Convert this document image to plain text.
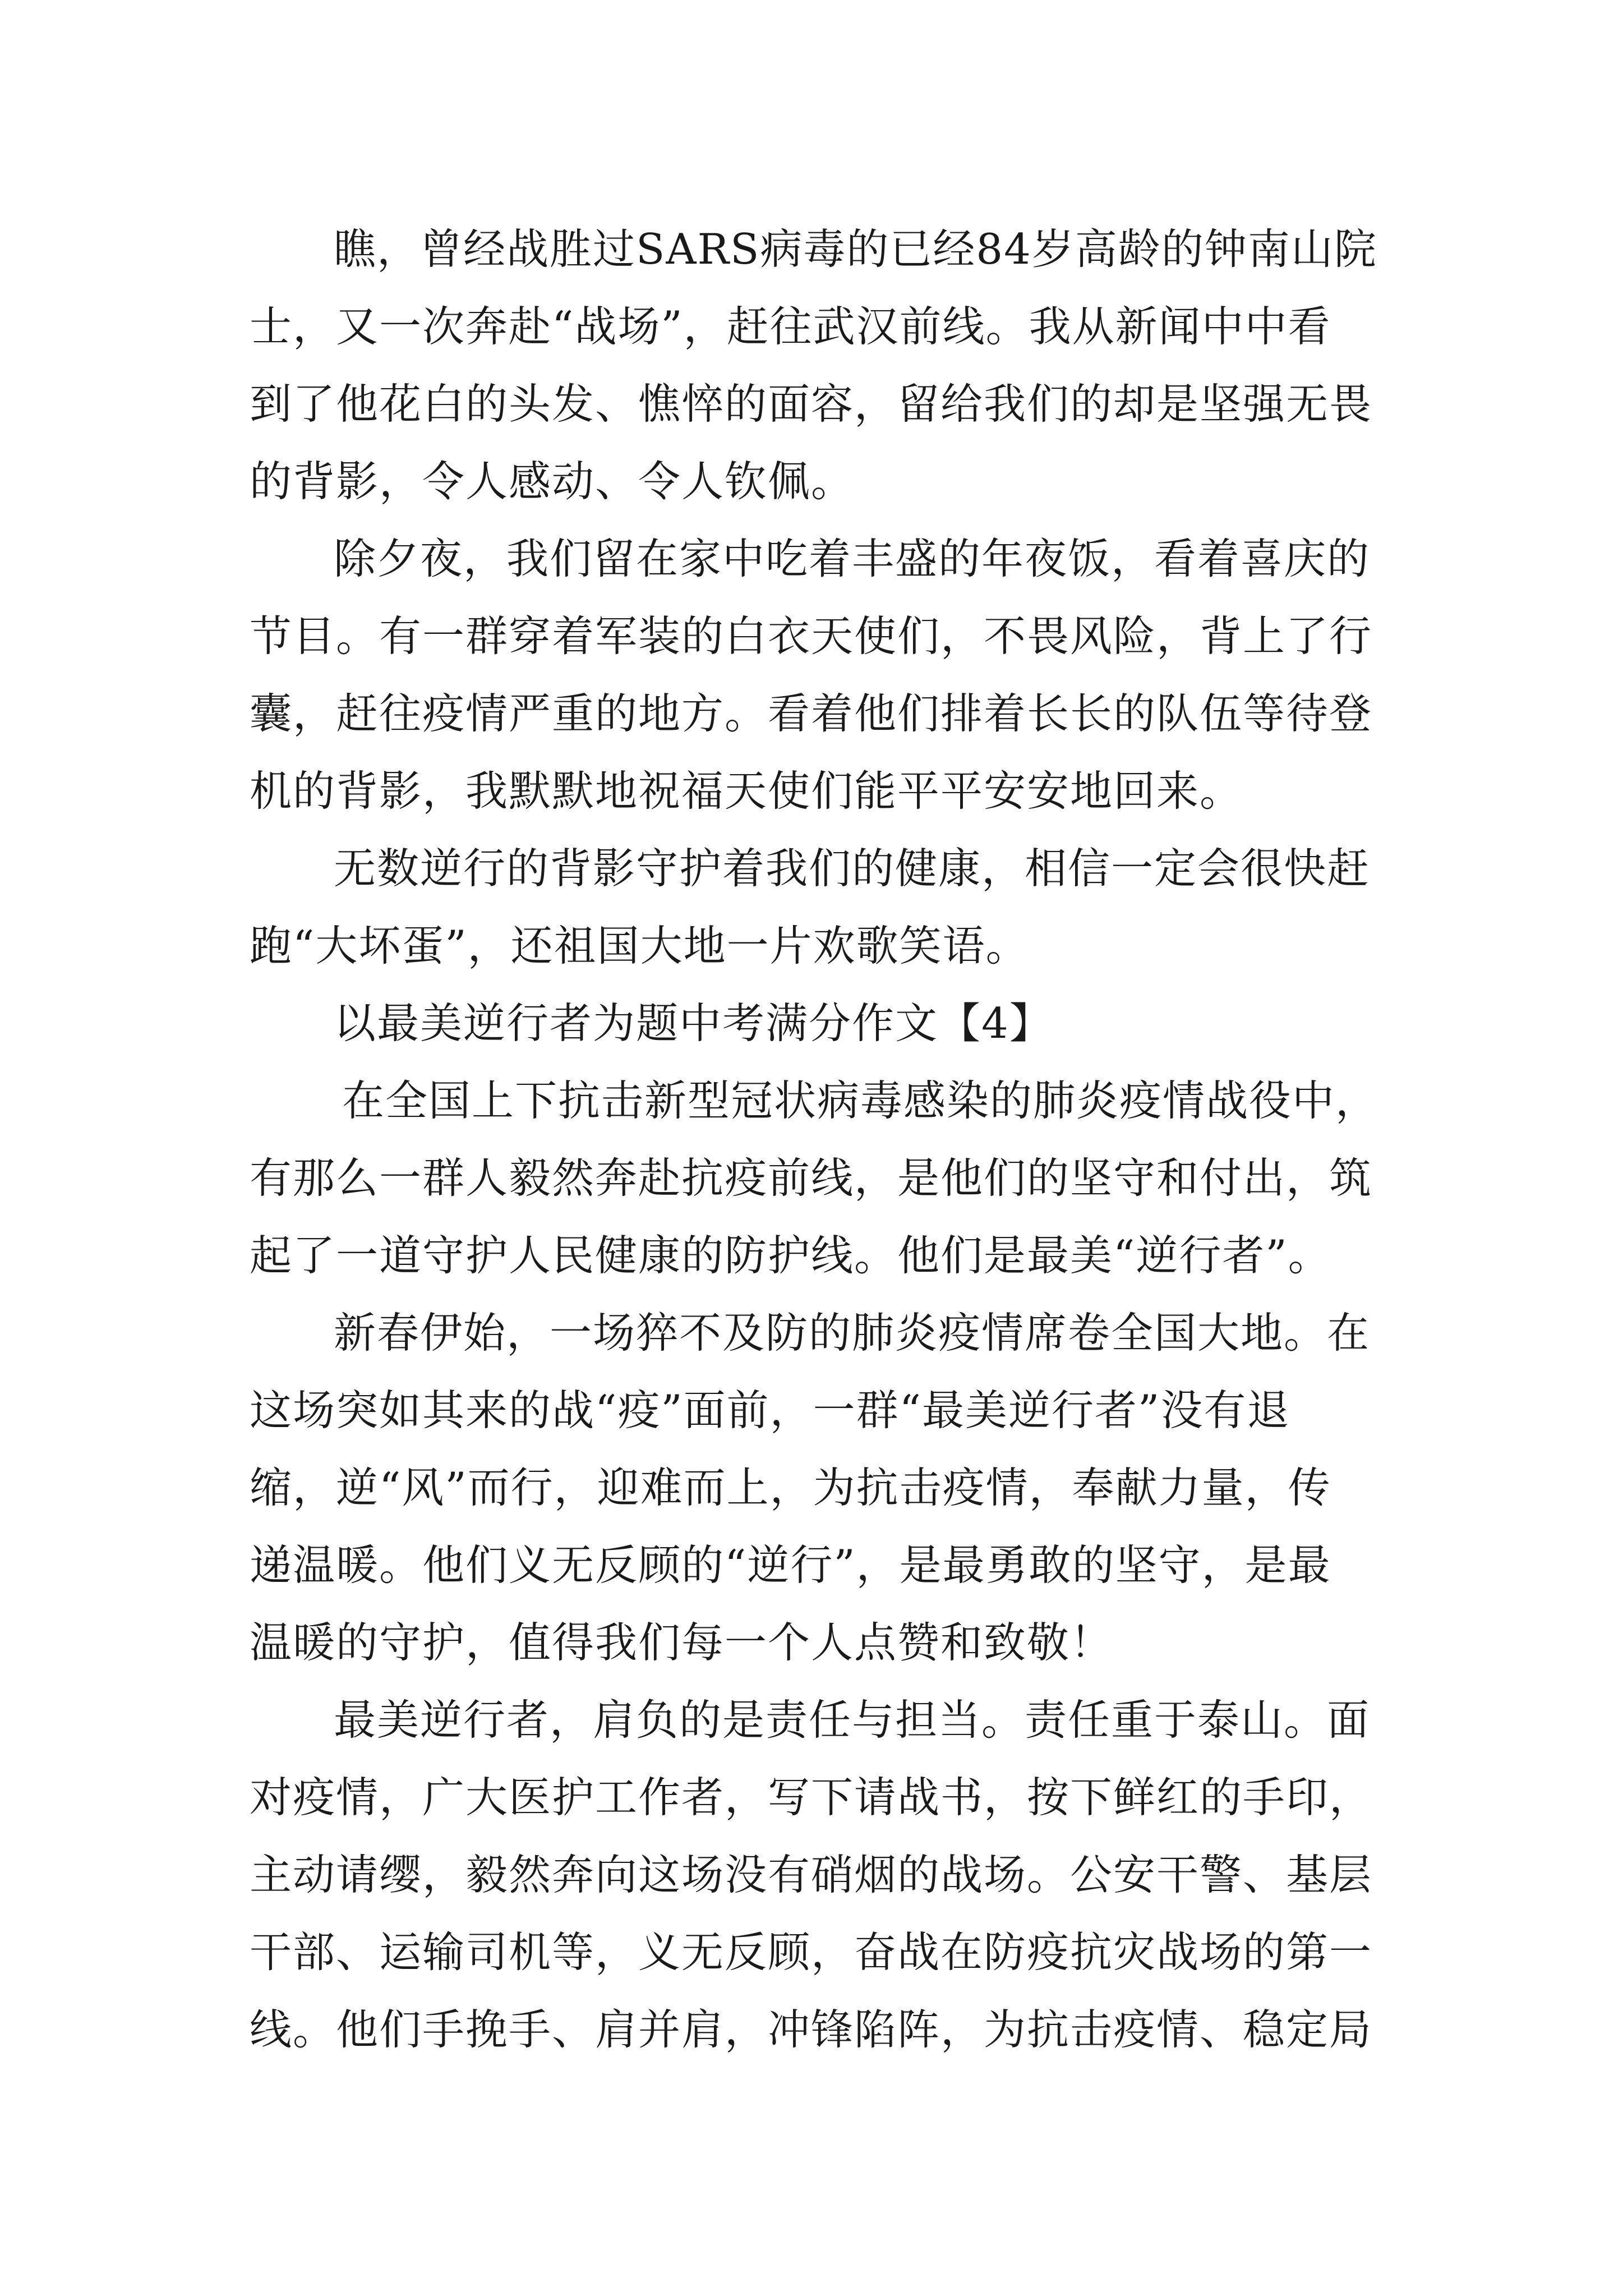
瞧，曾经战胜过SARS病毒的已经84岁高龄的钟南山院
士，又一次奔赴“战场”，赶往武汉前线。我从新闻中中看
到了他花白的头发、憔悴的面容，留给我们的却是坚强无畏
的背影，令人感动、令人钦佩。
除夕夜，我们留在家中吃着丰盛的年夜饭，看着喜庆的
节目。有一群穿着军装的白衣天使们，不畏风险，背上了行
囊，赶往疫情严重的地方。看着他们排着长长的队伍等待登
机的背影，我默默地祝福天使们能平平安安地回来。
无数逆行的背影守护着我们的健康，相信一定会很快赶
跑“大坏蛋”，还祖国大地一片欢歌笑语。
以最美逆行者为题中考满分作文【4】
在全国上下抗击新型冠状病毒感染的肺炎疫情战役中，
有那么一群人毅然奔赴抗疫前线，是他们的坚守和付出，筑
起了一道守护人民健康的防护线。他们是最美“逆行者”。
新春伊始，一场猝不及防的肺炎疫情席卷全国大地。在
这场突如其来的战“疫”面前，一群“最美逆行者”没有退
缩，逆“风”而行，迎难而上，为抗击疫情，奉献力量，传
递温暖。他们义无反顾的“逆行”，是最勇敢的坚守，是最
温暖的守护，值得我们每一个人点赞和致敬！
最美逆行者，肩负的是责任与担当。责任重于泰山。面
对疫情，广大医护工作者，写下请战书，按下鲜红的手印，
主动请缨，毅然奔向这场没有硝烟的战场。公安干警、基层
干部、运输司机等，义无反顾，奋战在防疫抗灾战场的第一
线。他们手挽手、肩并肩，冲锋陷阵，为抗击疫情、稳定局
